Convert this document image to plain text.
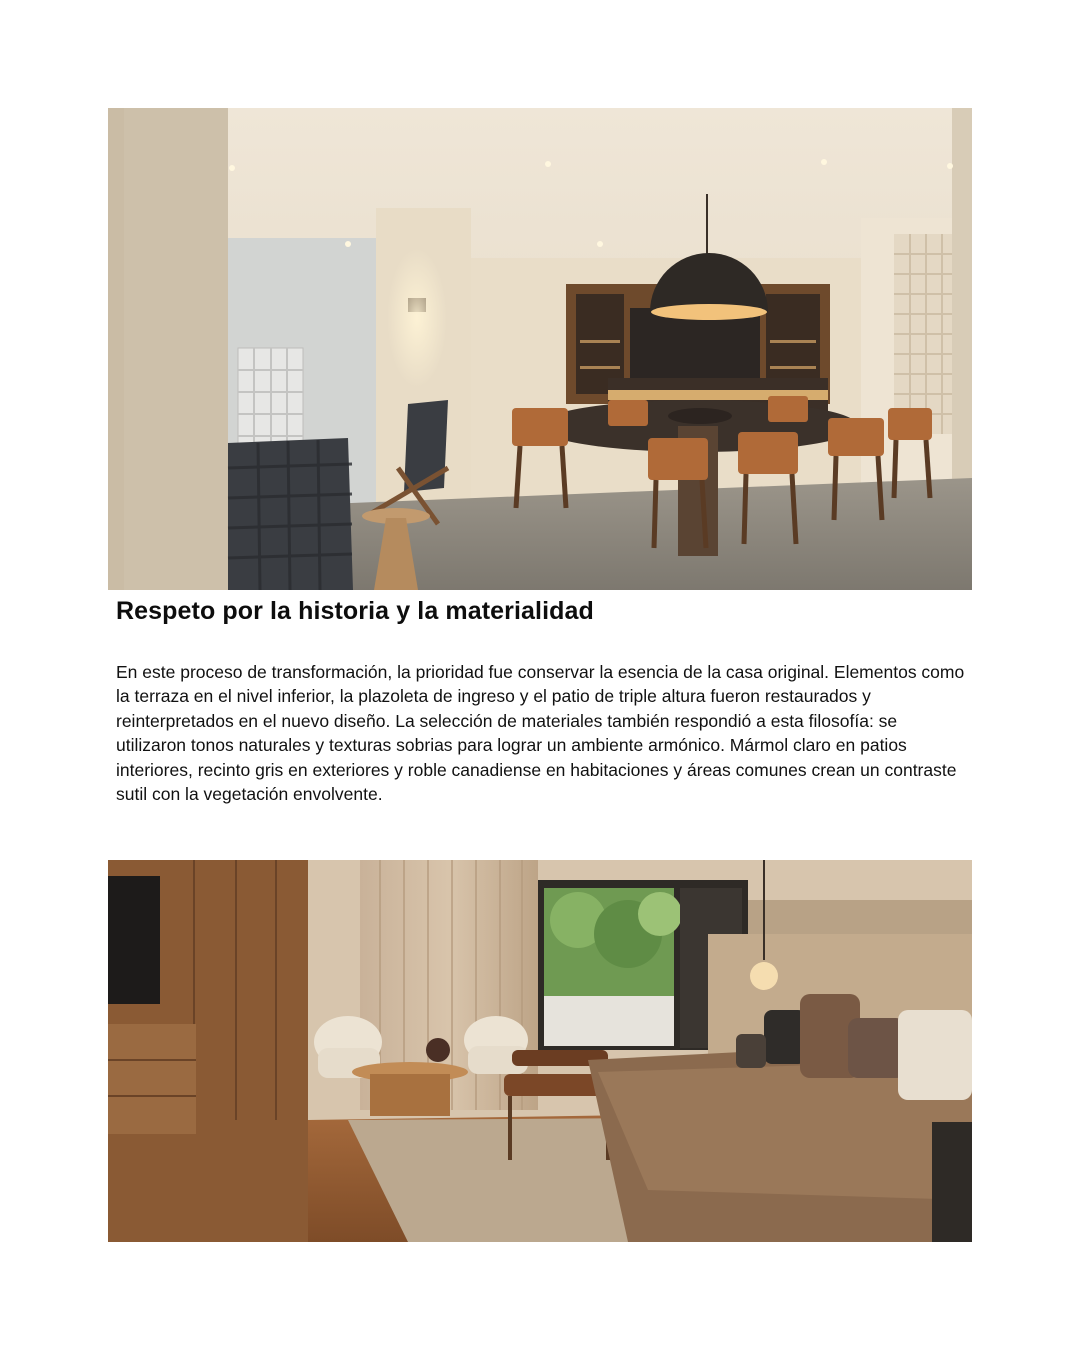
Respeto por la historia y la materialidad

En este proceso de transformación, la prioridad fue conservar la esencia de la casa original. Elementos como la terraza en el nivel inferior, la plazoleta de ingreso y el patio de triple altura fueron restaurados y reinterpretados en el nuevo diseño. La selección de materiales también respondió a esta filosofía: se utilizaron tonos naturales y texturas sobrias para lograr un ambiente armónico. Mármol claro en patios interiores, recinto gris en exteriores y roble canadiense en habitaciones y áreas comunes crean un contraste sutil con la vegetación envolvente.
